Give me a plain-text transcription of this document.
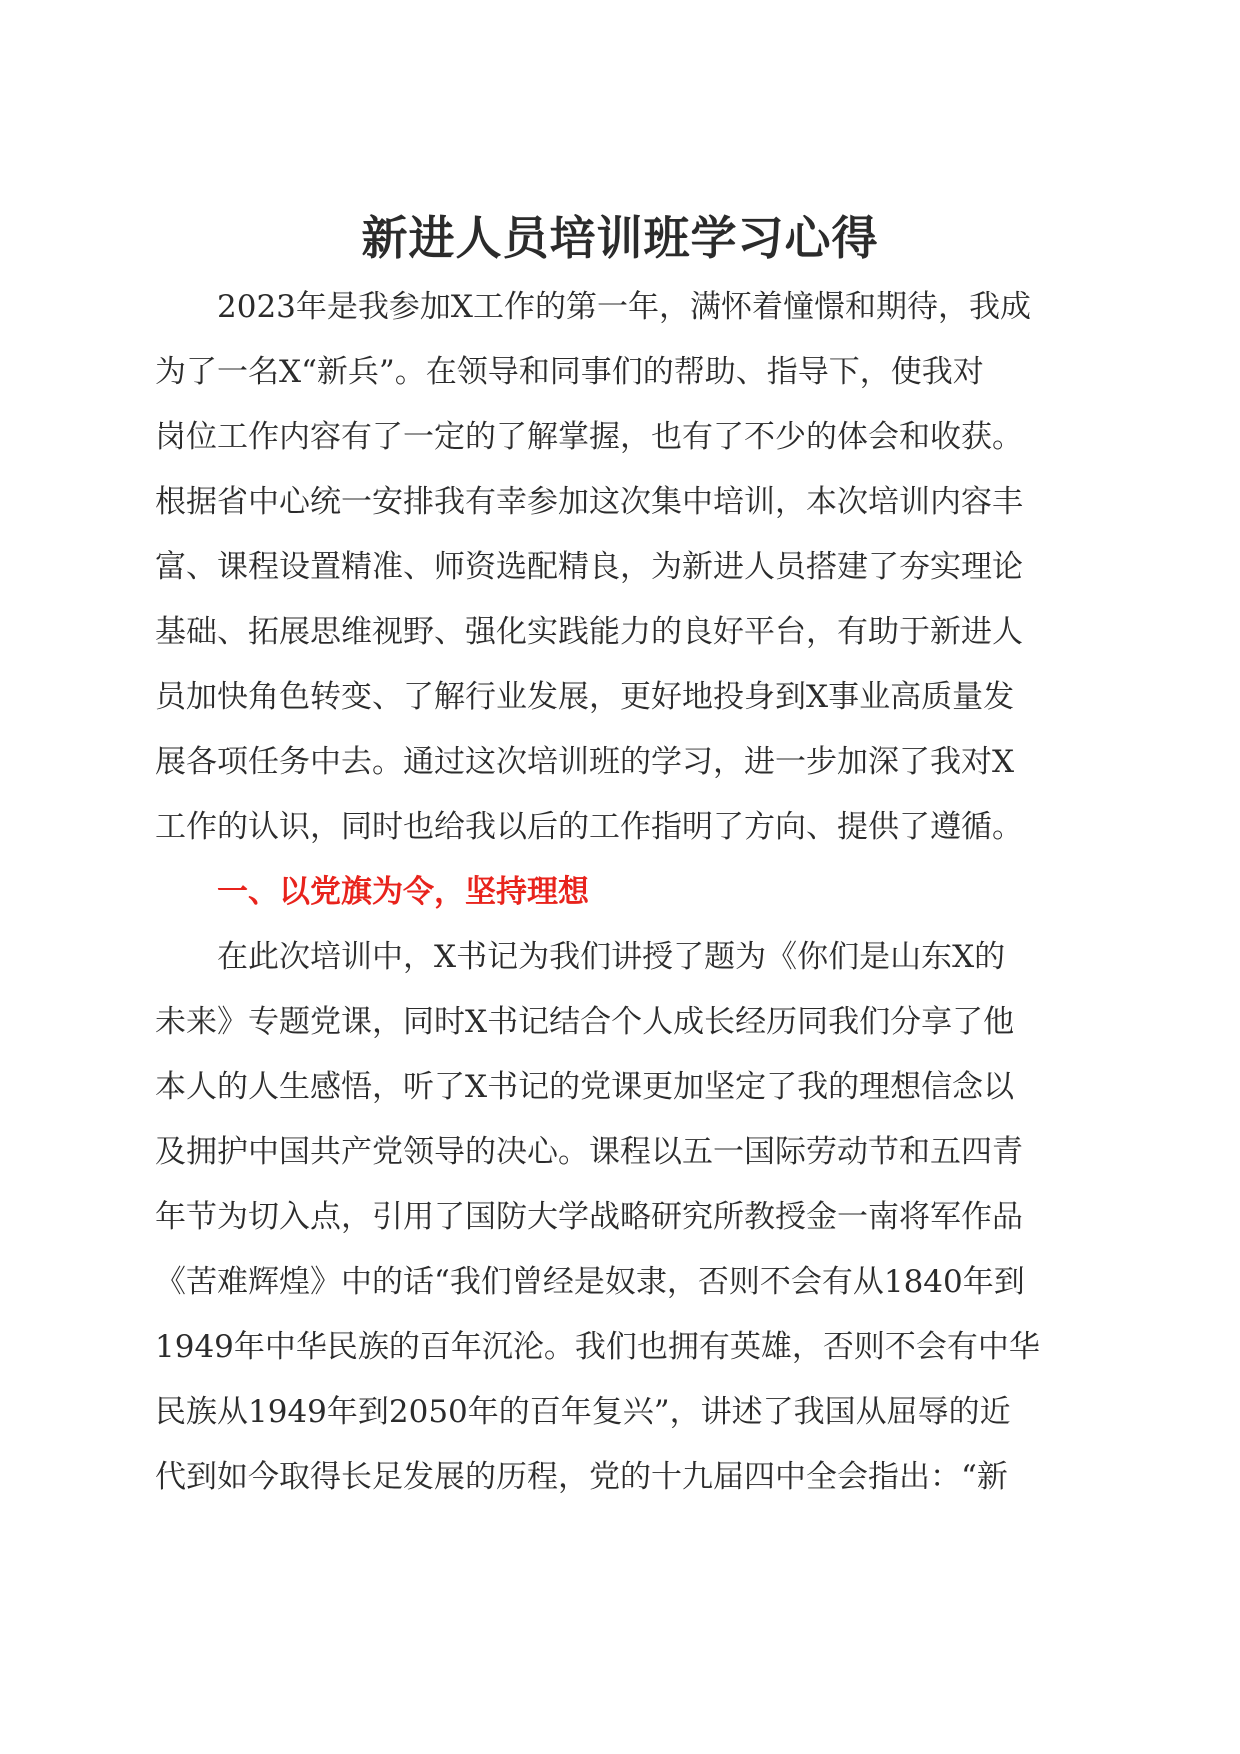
新进人员培训班学习心得
　　2023年是我参加X工作的第一年，满怀着憧憬和期待，我成
为了一名X“新兵”。在领导和同事们的帮助、指导下，使我对
岗位工作内容有了一定的了解掌握，也有了不少的体会和收获。
根据省中心统一安排我有幸参加这次集中培训，本次培训内容丰
富、课程设置精准、师资选配精良，为新进人员搭建了夯实理论
基础、拓展思维视野、强化实践能力的良好平台，有助于新进人
员加快角色转变、了解行业发展，更好地投身到X事业高质量发
展各项任务中去。通过这次培训班的学习，进一步加深了我对X
工作的认识，同时也给我以后的工作指明了方向、提供了遵循。
　　一、以党旗为令，坚持理想
　　在此次培训中，X书记为我们讲授了题为《你们是山东X的
未来》专题党课，同时X书记结合个人成长经历同我们分享了他
本人的人生感悟，听了X书记的党课更加坚定了我的理想信念以
及拥护中国共产党领导的决心。课程以五一国际劳动节和五四青
年节为切入点，引用了国防大学战略研究所教授金一南将军作品
《苦难辉煌》中的话“我们曾经是奴隶，否则不会有从1840年到
1949年中华民族的百年沉沦。我们也拥有英雄，否则不会有中华
民族从1949年到2050年的百年复兴”，讲述了我国从屈辱的近
代到如今取得长足发展的历程，党的十九届四中全会指出：“新
